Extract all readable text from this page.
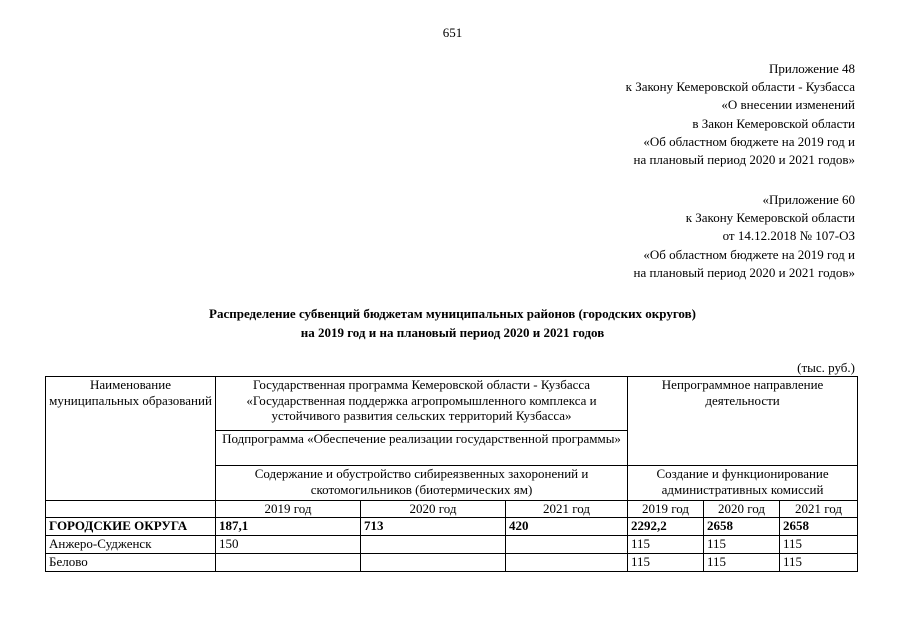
651
Приложение 48
к Закону Кемеровской области - Кузбасса
«О внесении изменений
в Закон Кемеровской области
«Об областном бюджете на 2019 год и
на плановый период 2020 и 2021 годов»
«Приложение 60
к Закону Кемеровской области
от 14.12.2018 № 107-ОЗ
«Об областном бюджете на 2019 год и
на плановый период 2020 и 2021 годов»
Распределение субвенций бюджетам муниципальных районов (городских округов)
на 2019 год и на плановый период 2020 и 2021 годов
(тыс. руб.)
Наименование муниципальных образований	Государственная программа Кемеровской области - Кузбасса «Государственная поддержка агропромышленного комплекса и устойчивого развития сельских территорий Кузбасса»			Непрограммное направление деятельности		
	Подпрограмма «Обеспечение реализации государственной программы»					
	Содержание и обустройство сибиреязвенных захоронений и скотомогильников (биотермических ям)			Создание и функционирование административных комиссий		
	2019 год	2020 год	2021 год	2019 год	2020 год	2021 год
ГОРОДСКИЕ ОКРУГА	187,1	713	420	2292,2	2658	2658
Анжеро-Судженск	150			115	115	115
Белово				115	115	115
